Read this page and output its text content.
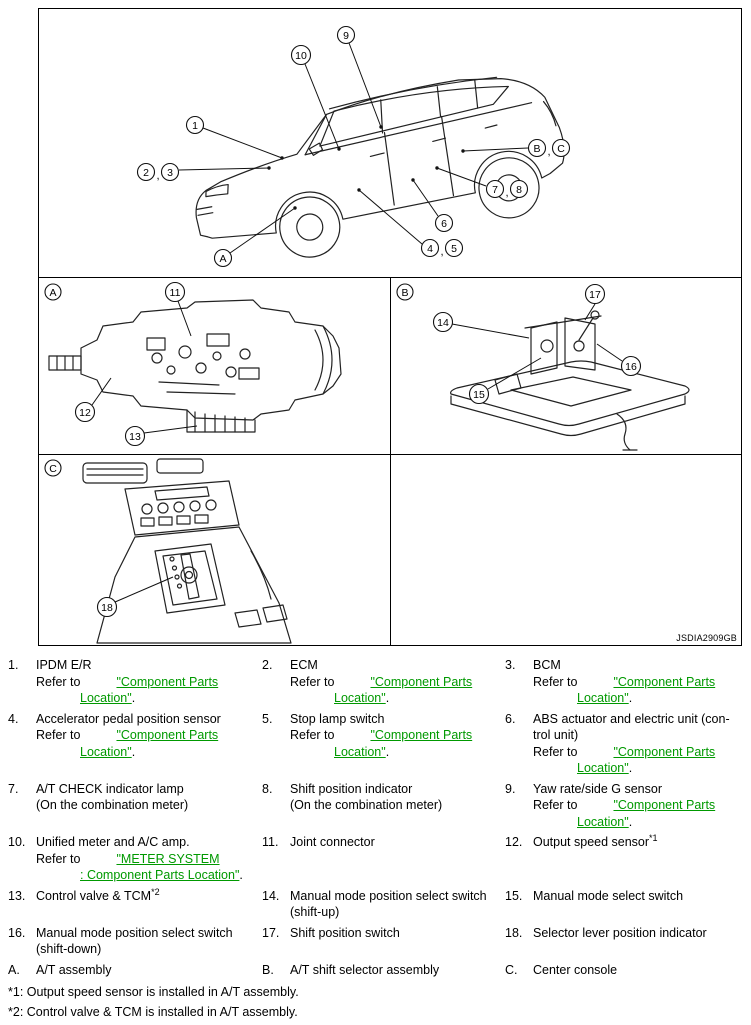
9
10
1
2 , 3
B , C
7 , 8
6
4 , 5
A
11
12
13
A
14
17
16
15
B
18
C
JSDIA2909GB
1.	IPDM E/R
Refer to	"Component Parts Location".
2.	ECM
Refer to	"Component Parts Location".
3.	BCM
Refer to	"Component Parts Location".
4.	Accelerator pedal position sensor
Refer to	"Component Parts Location".
5.	Stop lamp switch
Refer to	"Component Parts Location".
6.	ABS actuator and electric unit (con-
trol unit)
Refer to	"Component Parts Location".
7.	A/T CHECK indicator lamp
(On the combination meter)
8.	Shift position indicator
(On the combination meter)
9.	Yaw rate/side G sensor
Refer to	"Component Parts Location".
10. Unified meter and A/C amp.
Refer to	"METER SYSTEM : Component Parts Location".
11. Joint connector	12. Output speed sensor$^{*1}$
13. Control valve & TCM$^{*2}$	14. Manual mode position select switch
(shift-up)
15. Manual mode select switch
16. Manual mode position select switch
(shift-down)
17. Shift position switch	18. Selector lever position indicator
A.	A/T assembly	B.	A/T shift selector assembly	C.	Center console
*1: Output speed sensor is installed in A/T assembly.
*2: Control valve & TCM is installed in A/T assembly.
